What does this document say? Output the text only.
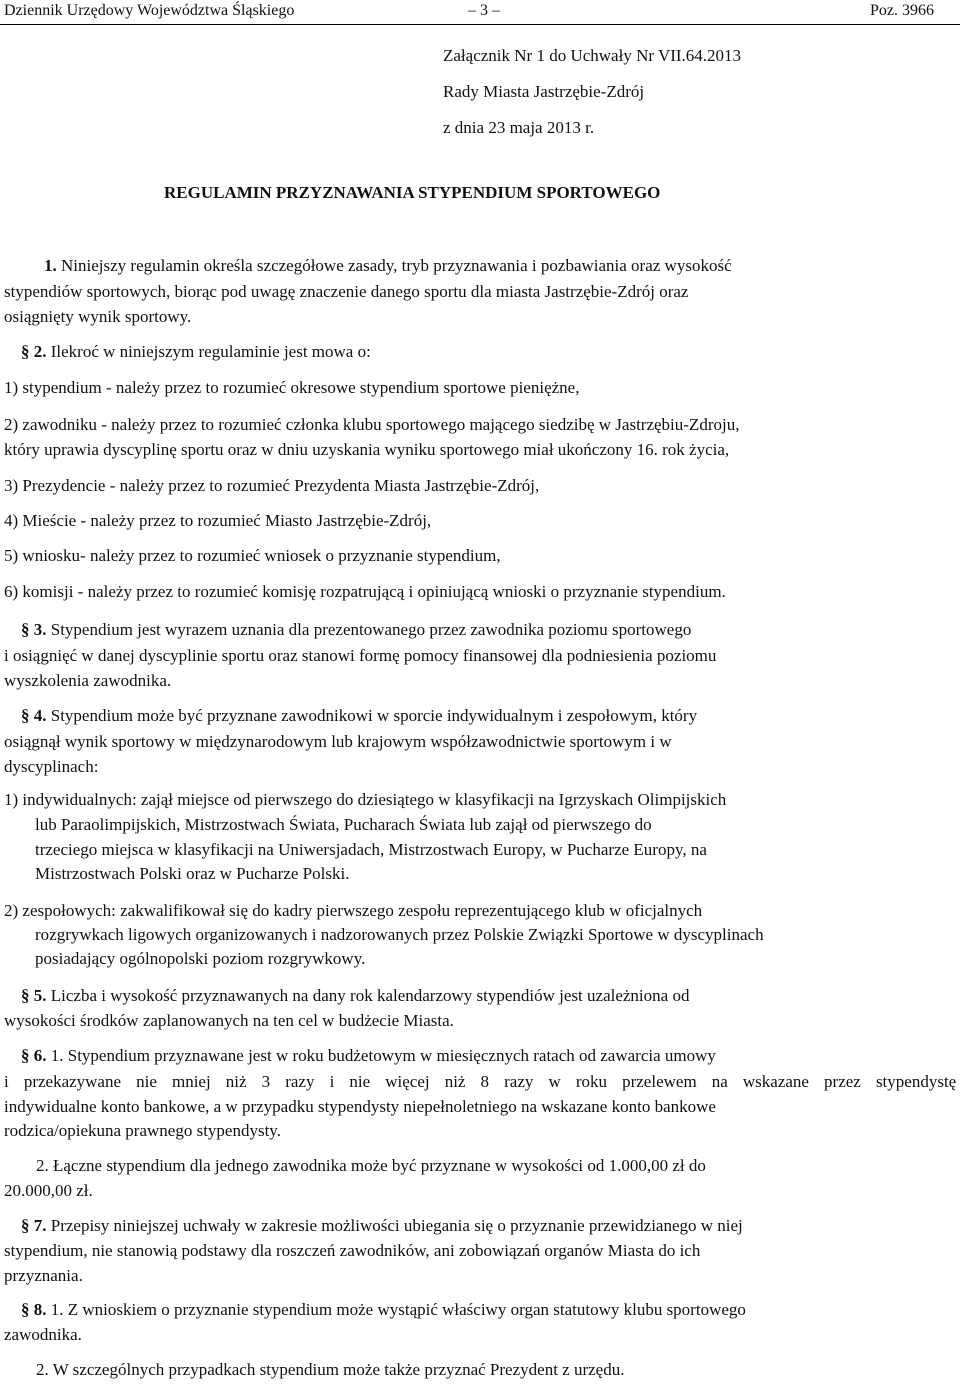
Dziennik Urzędowy Województwa Śląskiego	– 3 –	Poz. 3966
Załącznik Nr 1 do Uchwały Nr VII.64.2013
Rady Miasta Jastrzębie-Zdrój
z dnia 23 maja 2013 r.
REGULAMIN PRZYZNAWANIA STYPENDIUM SPORTOWEGO
1. Niniejszy regulamin określa szczegółowe zasady, tryb przyznawania i pozbawiania oraz wysokość
stypendiów sportowych, biorąc pod uwagę znaczenie danego sportu dla miasta Jastrzębie-Zdrój oraz
osiągnięty wynik sportowy.
§ 2. Ilekroć w niniejszym regulaminie jest mowa o:
1) stypendium - należy przez to rozumieć okresowe stypendium sportowe pieniężne,
2) zawodniku - należy przez to rozumieć członka klubu sportowego mającego siedzibę w Jastrzębiu-Zdroju,
który uprawia dyscyplinę sportu oraz w dniu uzyskania wyniku sportowego miał ukończony 16. rok życia,
3) Prezydencie - należy przez to rozumieć Prezydenta Miasta Jastrzębie-Zdrój,
4) Mieście - należy przez to rozumieć Miasto Jastrzębie-Zdrój,
5) wniosku- należy przez to rozumieć wniosek o przyznanie stypendium,
6) komisji - należy przez to rozumieć komisję rozpatrującą i opiniującą wnioski o przyznanie stypendium.
§ 3. Stypendium jest wyrazem uznania dla prezentowanego przez zawodnika poziomu sportowego
i osiągnięć w danej dyscyplinie sportu oraz stanowi formę pomocy finansowej dla podniesienia poziomu
wyszkolenia zawodnika.
§ 4. Stypendium może być przyznane zawodnikowi w sporcie indywidualnym i zespołowym, który
osiągnął wynik sportowy w międzynarodowym lub krajowym współzawodnictwie sportowym i w
dyscyplinach:
1) indywidualnych: zajął miejsce od pierwszego do dziesiątego w klasyfikacji na Igrzyskach Olimpijskich
lub Paraolimpijskich, Mistrzostwach Świata, Pucharach Świata lub zajął od pierwszego do
trzeciego miejsca w klasyfikacji na Uniwersjadach, Mistrzostwach Europy, w Pucharze Europy, na
Mistrzostwach Polski oraz w Pucharze Polski.
2) zespołowych: zakwalifikował się do kadry pierwszego zespołu reprezentującego klub w oficjalnych
rozgrywkach ligowych organizowanych i nadzorowanych przez Polskie Związki Sportowe w dyscyplinach
posiadający ogólnopolski poziom rozgrywkowy.
§ 5. Liczba i wysokość przyznawanych na dany rok kalendarzowy stypendiów jest uzależniona od
wysokości środków zaplanowanych na ten cel w budżecie Miasta.
§ 6. 1. Stypendium przyznawane jest w roku budżetowym w miesięcznych ratach od zawarcia umowy
i przekazywane nie mniej niż 3 razy i nie więcej niż 8 razy w roku przelewem na wskazane przez stypendystę
indywidualne konto bankowe, a w przypadku stypendysty niepełnoletniego na wskazane konto bankowe
rodzica/opiekuna prawnego stypendysty.
2. Łączne stypendium dla jednego zawodnika może być przyznane w wysokości od 1.000,00 zł do
20.000,00 zł.
§ 7. Przepisy niniejszej uchwały w zakresie możliwości ubiegania się o przyznanie przewidzianego w niej
stypendium, nie stanowią podstawy dla roszczeń zawodników, ani zobowiązań organów Miasta do ich
przyznania.
§ 8. 1. Z wnioskiem o przyznanie stypendium może wystąpić właściwy organ statutowy klubu sportowego
zawodnika.
2. W szczególnych przypadkach stypendium może także przyznać Prezydent z urzędu.
